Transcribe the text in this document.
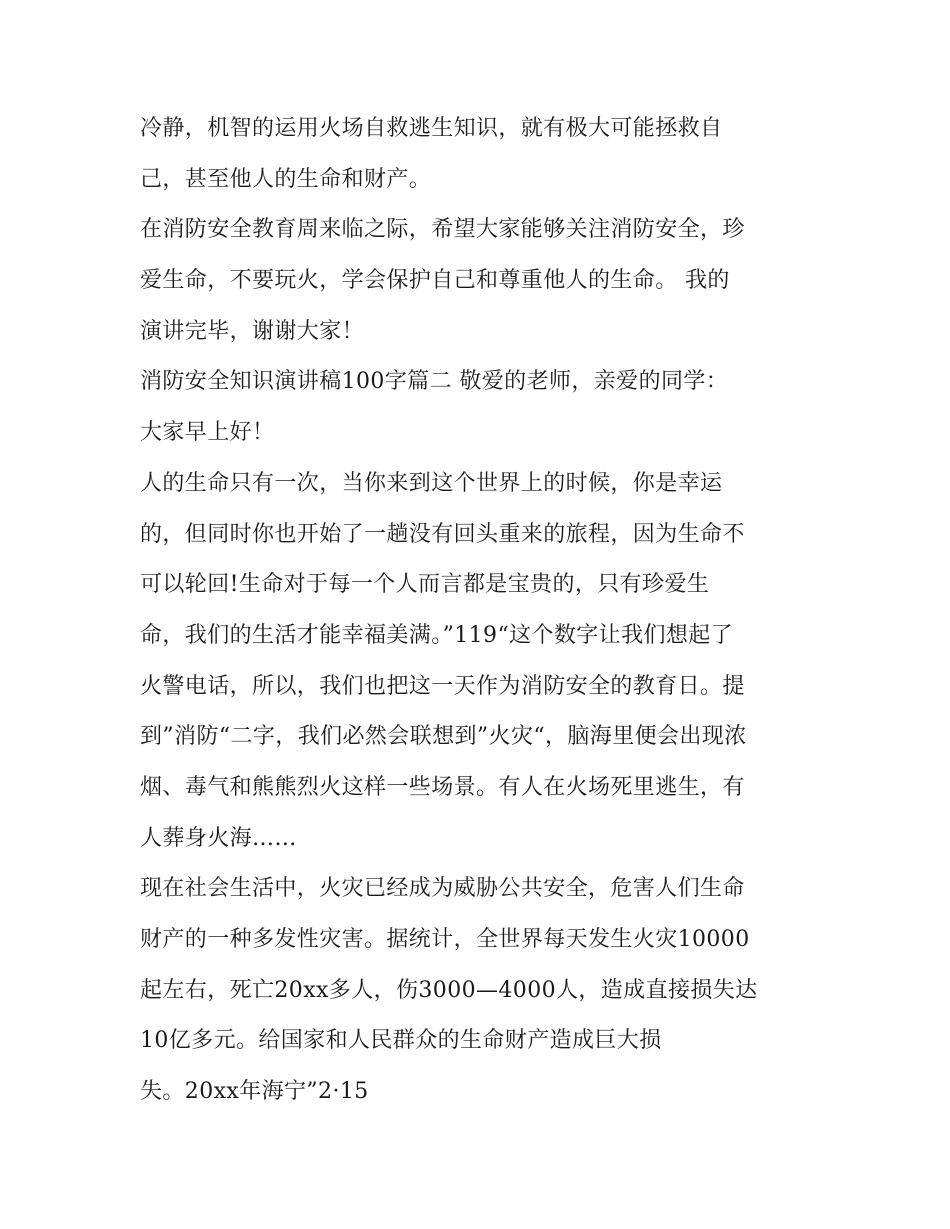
冷静，机智的运用火场自救逃生知识，就有极大可能拯救自
己，甚至他人的生命和财产。
在消防安全教育周来临之际，希望大家能够关注消防安全，珍
爱生命，不要玩火，学会保护自己和尊重他人的生命。 我的
演讲完毕，谢谢大家！
消防安全知识演讲稿100字篇二 敬爱的老师，亲爱的同学：
大家早上好！
人的生命只有一次，当你来到这个世界上的时候，你是幸运
的，但同时你也开始了一趟没有回头重来的旅程，因为生命不
可以轮回!生命对于每一个人而言都是宝贵的，只有珍爱生
命，我们的生活才能幸福美满。”119“这个数字让我们想起了
火警电话，所以，我们也把这一天作为消防安全的教育日。提
到”消防“二字，我们必然会联想到”火灾“，脑海里便会出现浓
烟、毒气和熊熊烈火这样一些场景。有人在火场死里逃生，有
人葬身火海……
现在社会生活中，火灾已经成为威胁公共安全，危害人们生命
财产的一种多发性灾害。据统计，全世界每天发生火灾10000
起左右，死亡20xx多人，伤3000—4000人，造成直接损失达
10亿多元。给国家和人民群众的生命财产造成巨大损
失。20xx年海宁”2·15
